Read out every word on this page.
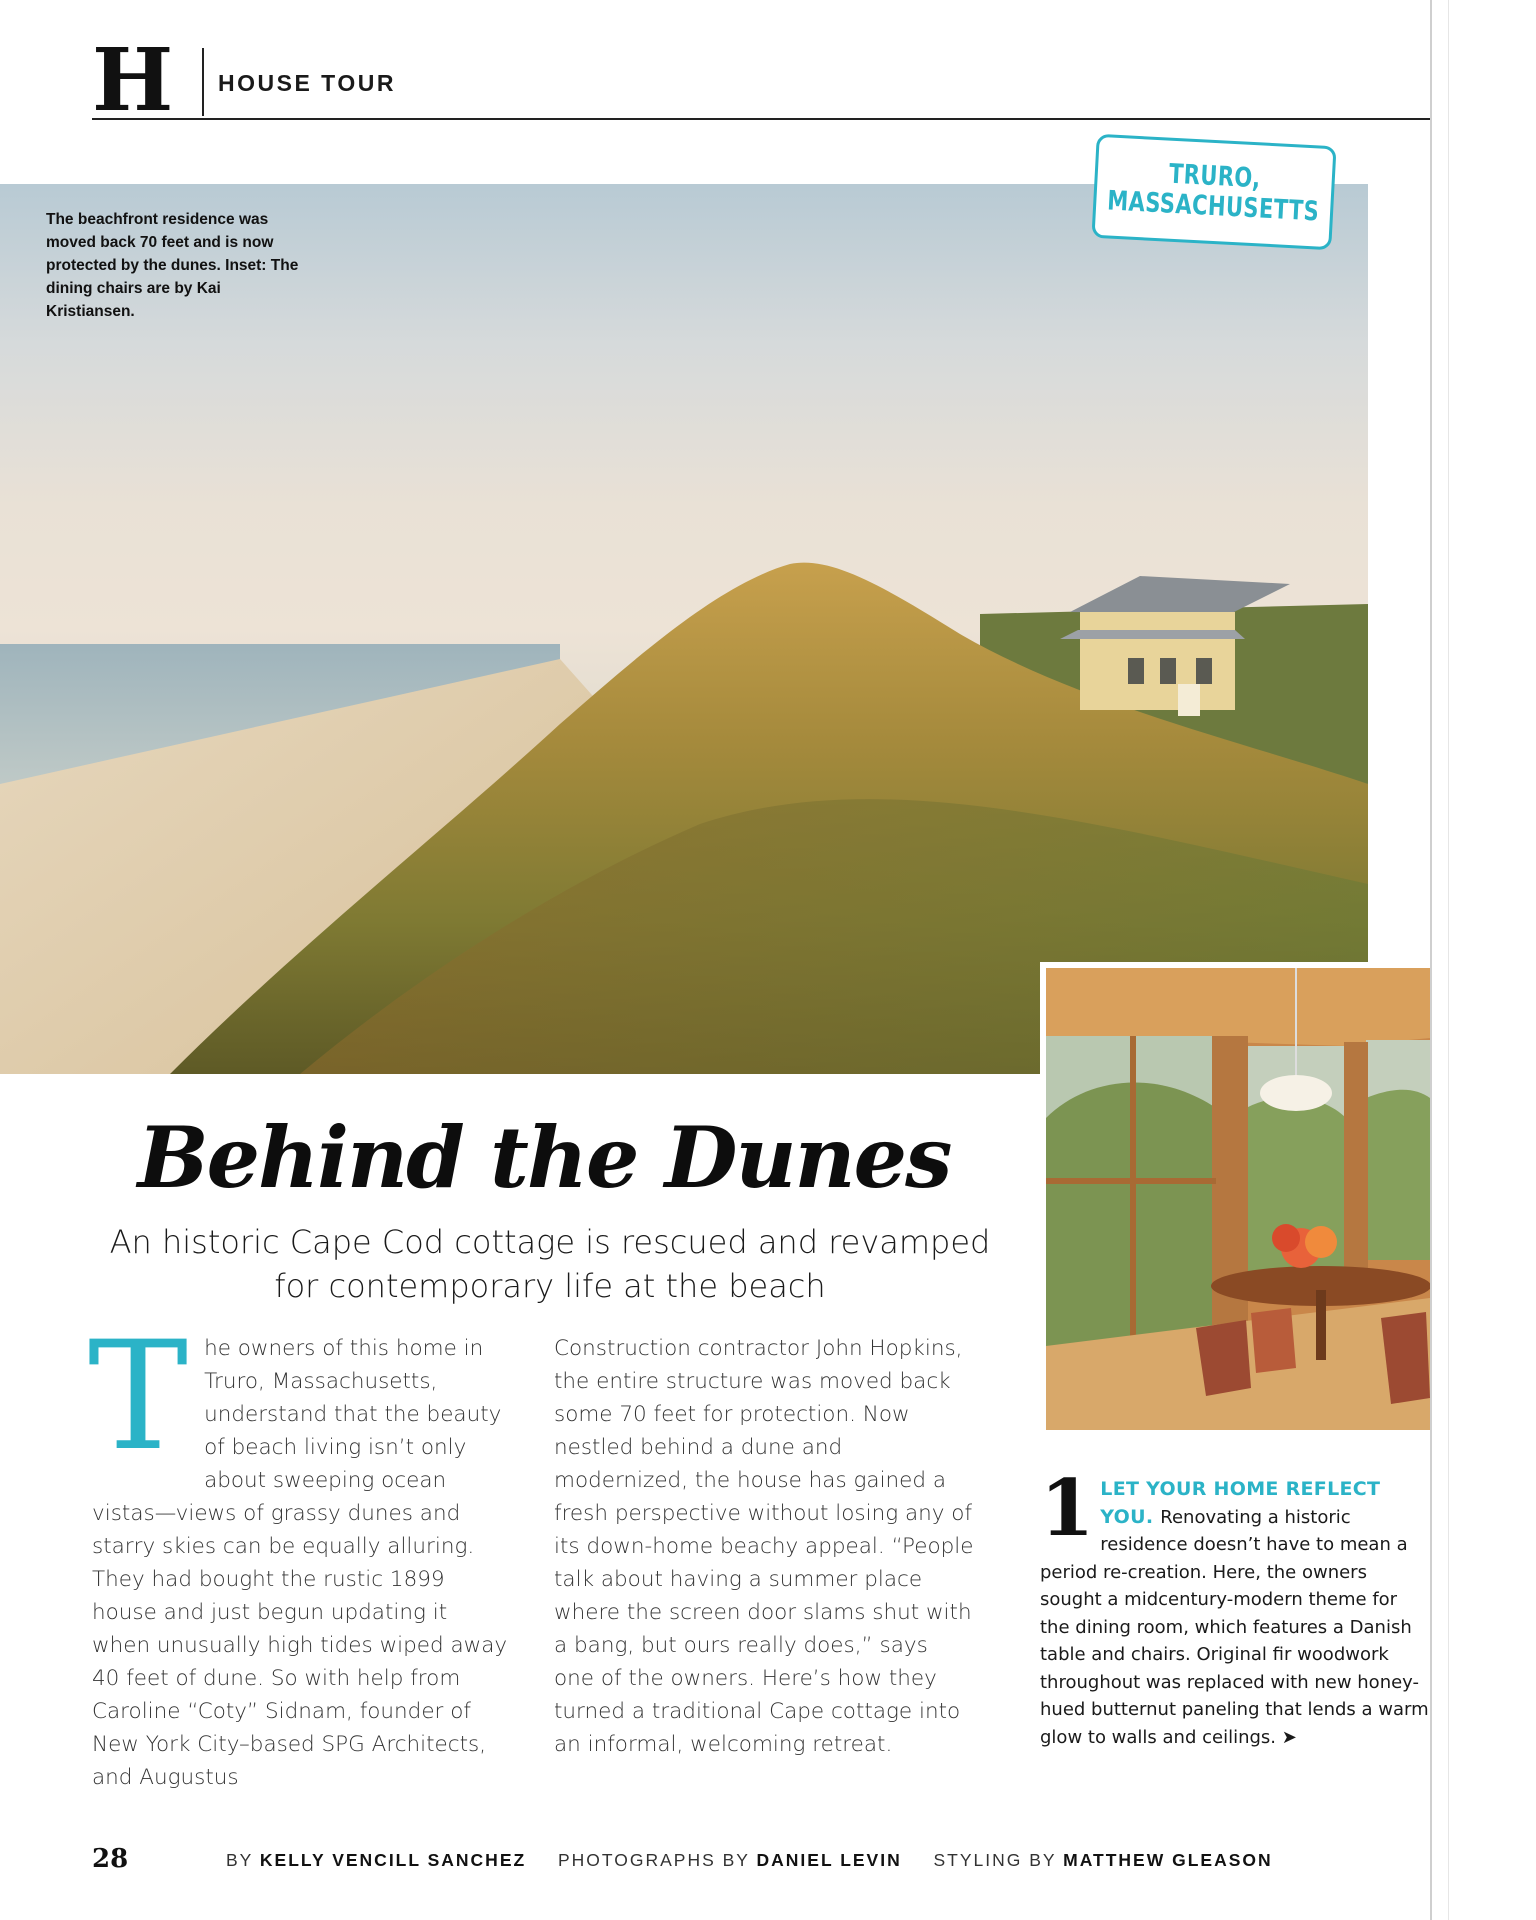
H HOUSE TOUR
The beachfront residence was moved back 70 feet and is now protected by the dunes. Inset: The dining chairs are by Kai Kristiansen.
TRURO, MASSACHUSETTS
Behind the Dunes
An historic Cape Cod cottage is rescued and revamped for contemporary life at the beach
T he owners of this home in Truro, Massachusetts, understand that the beauty of beach living isn’t only about sweeping ocean vistas—views of grassy dunes and starry skies can be equally alluring. They had bought the rustic 1899 house and just begun updating it when unusually high tides wiped away 40 feet of dune. So with help from Caroline “Coty” Sidnam, founder of New York City–based SPG Architects, and Augustus

Construction contractor John Hopkins, the entire structure was moved back some 70 feet for protection. Now nestled behind a dune and modernized, the house has gained a fresh perspective without losing any of its down-home beachy appeal. “People talk about having a summer place where the screen door slams shut with a bang, but ours really does,” says one of the owners. Here’s how they turned a traditional Cape cottage into an informal, welcoming retreat.

1 LET YOUR HOME REFLECT YOU. Renovating a historic residence doesn’t have to mean a period re-creation. Here, the owners sought a midcentury-modern theme for the dining room, which features a Danish table and chairs. Original fir woodwork throughout was replaced with new honey-hued butternut paneling that lends a warm glow to walls and ceilings. ➤
28	BY KELLY VENCILL SANCHEZ PHOTOGRAPHS BY DANIEL LEVIN STYLING BY MATTHEW GLEASON
